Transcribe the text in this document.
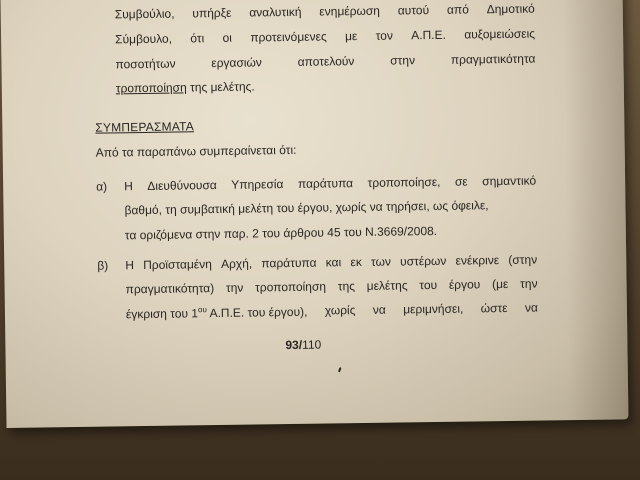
Συμβούλιο, υπήρξε αναλυτική ενημέρωση αυτού από Δημοτικό
Σύμβουλο, ότι οι προτεινόμενες με τον Α.Π.Ε. αυξομειώσεις
ποσοτήτων	εργασιών	αποτελούν	στην	πραγματικότητα
τροποποίηση της μελέτης.
ΣΥΜΠΕΡΑΣΜΑΤΑ
Από τα παραπάνω συμπεραίνεται ότι:
α) Η Διευθύνουσα Υπηρεσία παράτυπα τροποποίησε, σε σημαντικό
βαθμό, τη συμβατική μελέτη του έργου, χωρίς να τηρήσει, ως όφειλε,
τα οριζόμενα στην παρ. 2 του άρθρου 45 του Ν.3669/2008.
β) Η Προϊσταμένη Αρχή, παράτυπα και εκ των υστέρων ενέκρινε (στην
πραγματικότητα) την τροποποίηση της μελέτης του έργου (με την
έγκριση του $1^{o\upsilon}$ Α.Π.Ε. του έργου), χωρίς να μεριμνήσει, ώστε να
93/110
